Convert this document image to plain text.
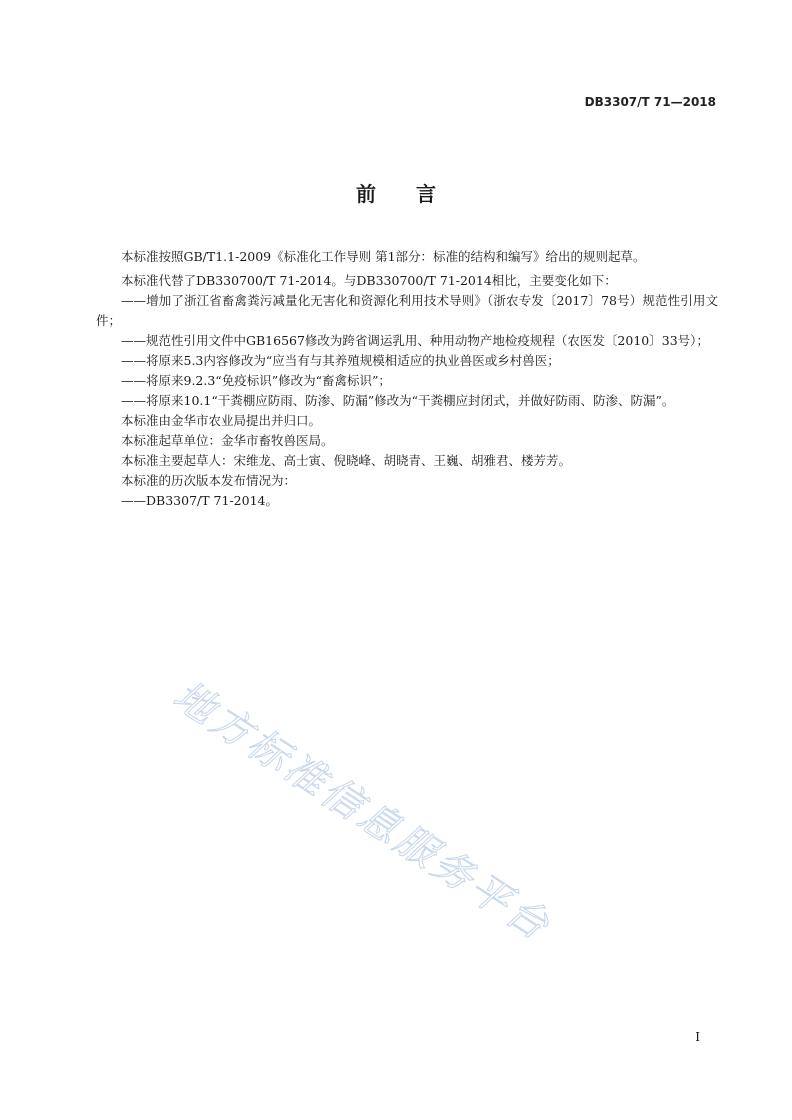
DB3307/T 71—2018
前言

本标准按照GB/T1.1-2009《标准化工作导则 第1部分：标准的结构和编写》给出的规则起草。

本标准代替了DB330700/T 71-2014。与DB330700/T 71-2014相比，主要变化如下：

——增加了浙江省畜禽粪污减量化无害化和资源化利用技术导则》（浙农专发〔2017〕78号）规范性引用文件；

——规范性引用文件中GB16567修改为跨省调运乳用、种用动物产地检疫规程（农医发〔2010〕33号）；

——将原来5.3内容修改为“应当有与其养殖规模相适应的执业兽医或乡村兽医；

——将原来9.2.3“免疫标识”修改为“畜禽标识”；

——将原来10.1“干粪棚应防雨、防渗、防漏”修改为“干粪棚应封闭式，并做好防雨、防渗、防漏”。

本标准由金华市农业局提出并归口。

本标准起草单位：金华市畜牧兽医局。

本标准主要起草人：宋维龙、高士寅、倪晓峰、胡晓青、王巍、胡雅君、楼芳芳。

本标准的历次版本发布情况为：

——DB3307/T 71-2014。

地方标准信息服务平台
I
